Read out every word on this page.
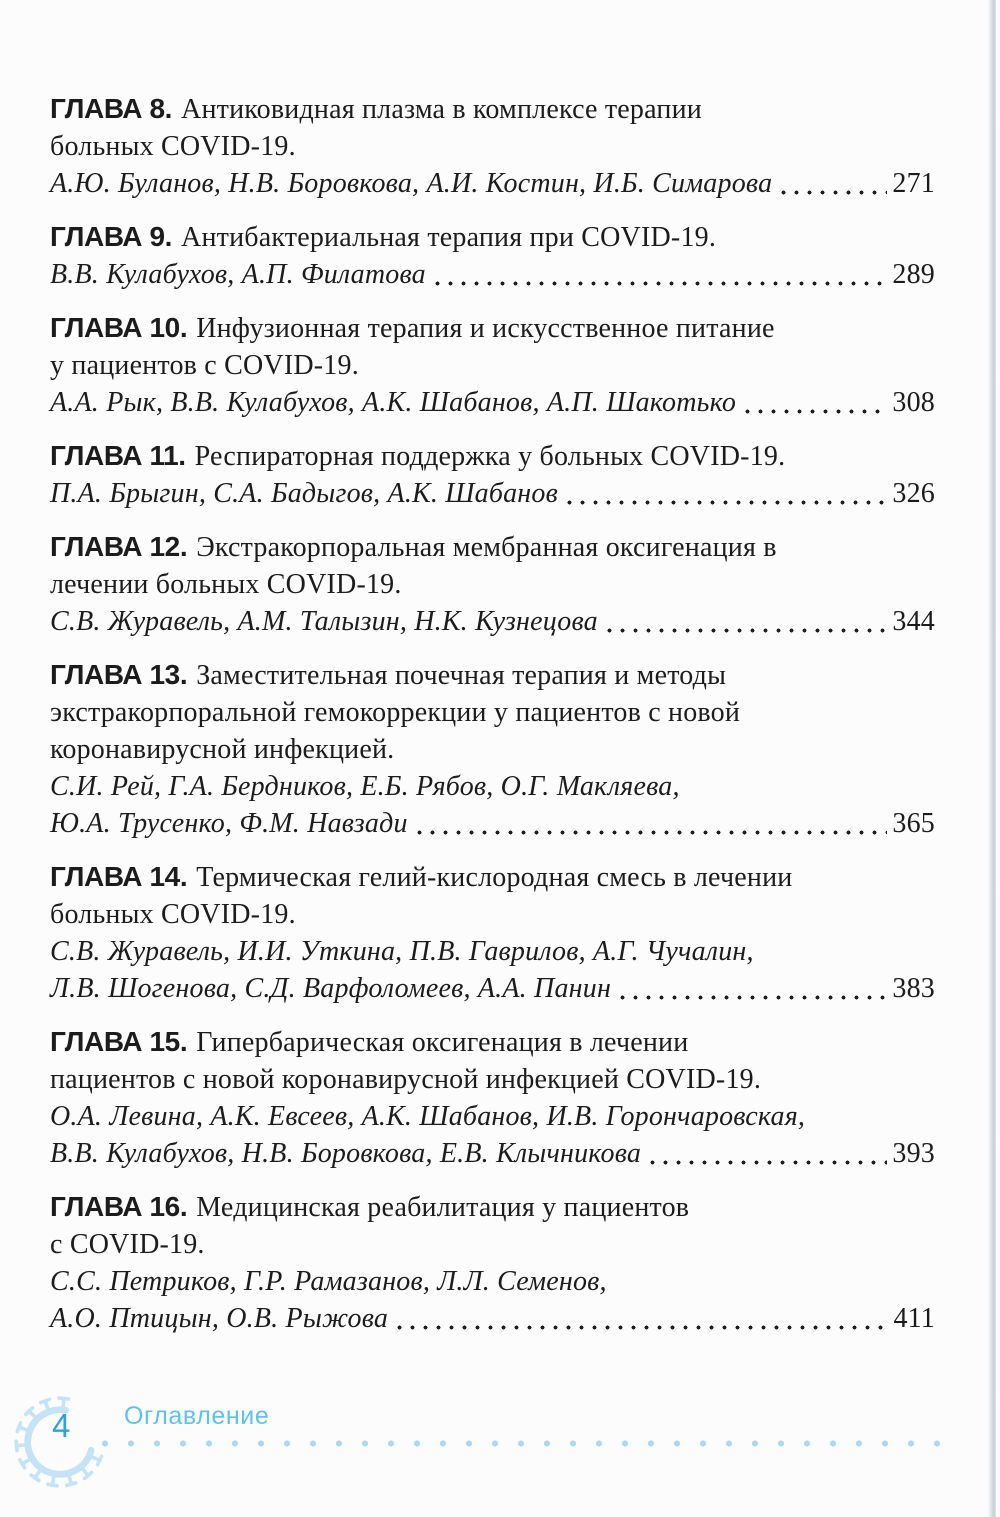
ГЛАВА 8. Антиковидная плазма в комплексе терапии
больных COVID-19.
А.Ю. Буланов, Н.В. Боровкова, А.И. Костин, И.Б. Симарова	271
ГЛАВА 9. Антибактериальная терапия при COVID-19.
В.В. Кулабухов, А.П. Филатова	289
ГЛАВА 10. Инфузионная терапия и искусственное питание
у пациентов с COVID-19.
А.А. Рык, В.В. Кулабухов, А.К. Шабанов, А.П. Шакотько	308
ГЛАВА 11. Респираторная поддержка у больных COVID-19.
П.А. Брыгин, С.А. Бадыгов, А.К. Шабанов	326
ГЛАВА 12. Экстракорпоральная мембранная оксигенация в
лечении больных COVID-19.
С.В. Журавель, А.М. Талызин, Н.К. Кузнецова	344
ГЛАВА 13. Заместительная почечная терапия и методы
экстракорпоральной гемокоррекции у пациентов с новой
коронавирусной инфекцией.
С.И. Рей, Г.А. Бердников, Е.Б. Рябов, О.Г. Макляева,
Ю.А. Трусенко, Ф.М. Навзади	365
ГЛАВА 14. Термическая гелий-кислородная смесь в лечении
больных COVID-19.
С.В. Журавель, И.И. Уткина, П.В. Гаврилов, А.Г. Чучалин,
Л.В. Шогенова, С.Д. Варфоломеев, А.А. Панин	383
ГЛАВА 15. Гипербарическая оксигенация в лечении
пациентов с новой коронавирусной инфекцией COVID-19.
О.А. Левина, А.К. Евсеев, А.К. Шабанов, И.В. Горончаровская,
В.В. Кулабухов, Н.В. Боровкова, Е.В. Клычникова	393
ГЛАВА 16. Медицинская реабилитация у пациентов
с COVID-19.
С.С. Петриков, Г.Р. Рамазанов, Л.Л. Семенов,
А.О. Птицын, О.В. Рыжова	411
4 Оглавление
